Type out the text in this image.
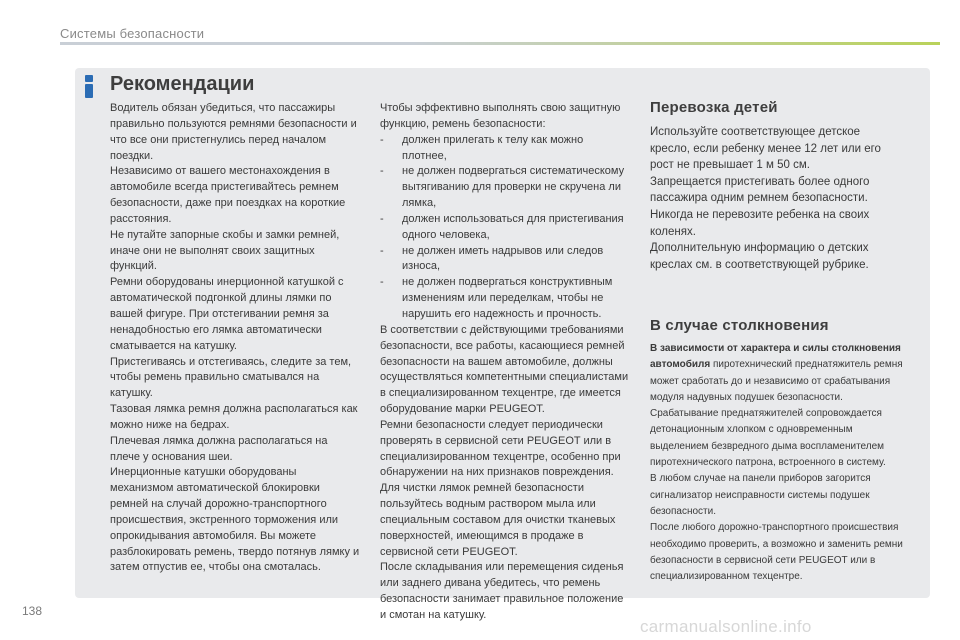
Системы безопасности
Рекомендации

Водитель обязан убедиться, что пассажиры правильно пользуются ремнями безопасности и что все они пристегнулись перед началом поездки.

Независимо от вашего местонахождения в автомобиле всегда пристегивайтесь ремнем безопасности, даже при поездках на короткие расстояния.

Не путайте запорные скобы и замки ремней, иначе они не выполнят своих защитных функций.

Ремни оборудованы инерционной катушкой с автоматической подгонкой длины лямки по вашей фигуре. При отстегивании ремня за ненадобностью его лямка автоматически сматывается на катушку.

Пристегиваясь и отстегиваясь, следите за тем, чтобы ремень правильно сматывался на катушку.

Тазовая лямка ремня должна располагаться как можно ниже на бедрах.

Плечевая лямка должна располагаться на плече у основания шеи.

Инерционные катушки оборудованы механизмом автоматической блокировки ремней на случай дорожно-транспортного происшествия, экстренного торможения или опрокидывания автомобиля. Вы можете разблокировать ремень, твердо потянув лямку и затем отпустив ее, чтобы она смоталась.

Чтобы эффективно выполнять свою защитную функцию, ремень безопасности:

-	должен прилегать к телу как можно плотнее,
-	не должен подвергаться систематическому вытягиванию для проверки не скручена ли лямка,
-	должен использоваться для пристегивания одного человека,
-	не должен иметь надрывов или следов износа,
-	не должен подвергаться конструктивным изменениям или переделкам, чтобы не нарушить его надежность и прочность.

В соответствии с действующими требованиями безопасности, все работы, касающиеся ремней безопасности на вашем автомобиле, должны осуществляться компетентными специалистами в специализированном техцентре, где имеется оборудование марки PEUGEOT.

Ремни безопасности следует периодически проверять в сервисной сети PEUGEOT или в специализированном техцентре, особенно при обнаружении на них признаков повреждения.

Для чистки лямок ремней безопасности пользуйтесь водным раствором мыла или специальным составом для очистки тканевых поверхностей, имеющимся в продаже в сервисной сети PEUGEOT.

После складывания или перемещения сиденья или заднего дивана убедитесь, что ремень безопасности занимает правильное положение и смотан на катушку.

Перевозка детей

Используйте соответствующее детское кресло, если ребенку менее 12 лет или его рост не превышает 1 м 50 см.

Запрещается пристегивать более одного пассажира одним ремнем безопасности.

Никогда не перевозите ребенка на своих коленях.

Дополнительную информацию о детских креслах см. в соответствующей рубрике.

В случае столкновения

В зависимости от характера и силы столкновения автомобиля пиротехнический преднатяжитель ремня может сработать до и независимо от срабатывания модуля надувных подушек безопасности. Срабатывание преднатяжителей сопровождается детонационным хлопком с одновременным выделением безвредного дыма воспламенителем пиротехнического патрона, встроенного в систему.

В любом случае на панели приборов загорится сигнализатор неисправности системы подушек безопасности.

После любого дорожно-транспортного происшествия необходимо проверить, а возможно и заменить ремни безопасности в сервисной сети PEUGEOT или в специализированном техцентре.

138
carmanualsonline.info
